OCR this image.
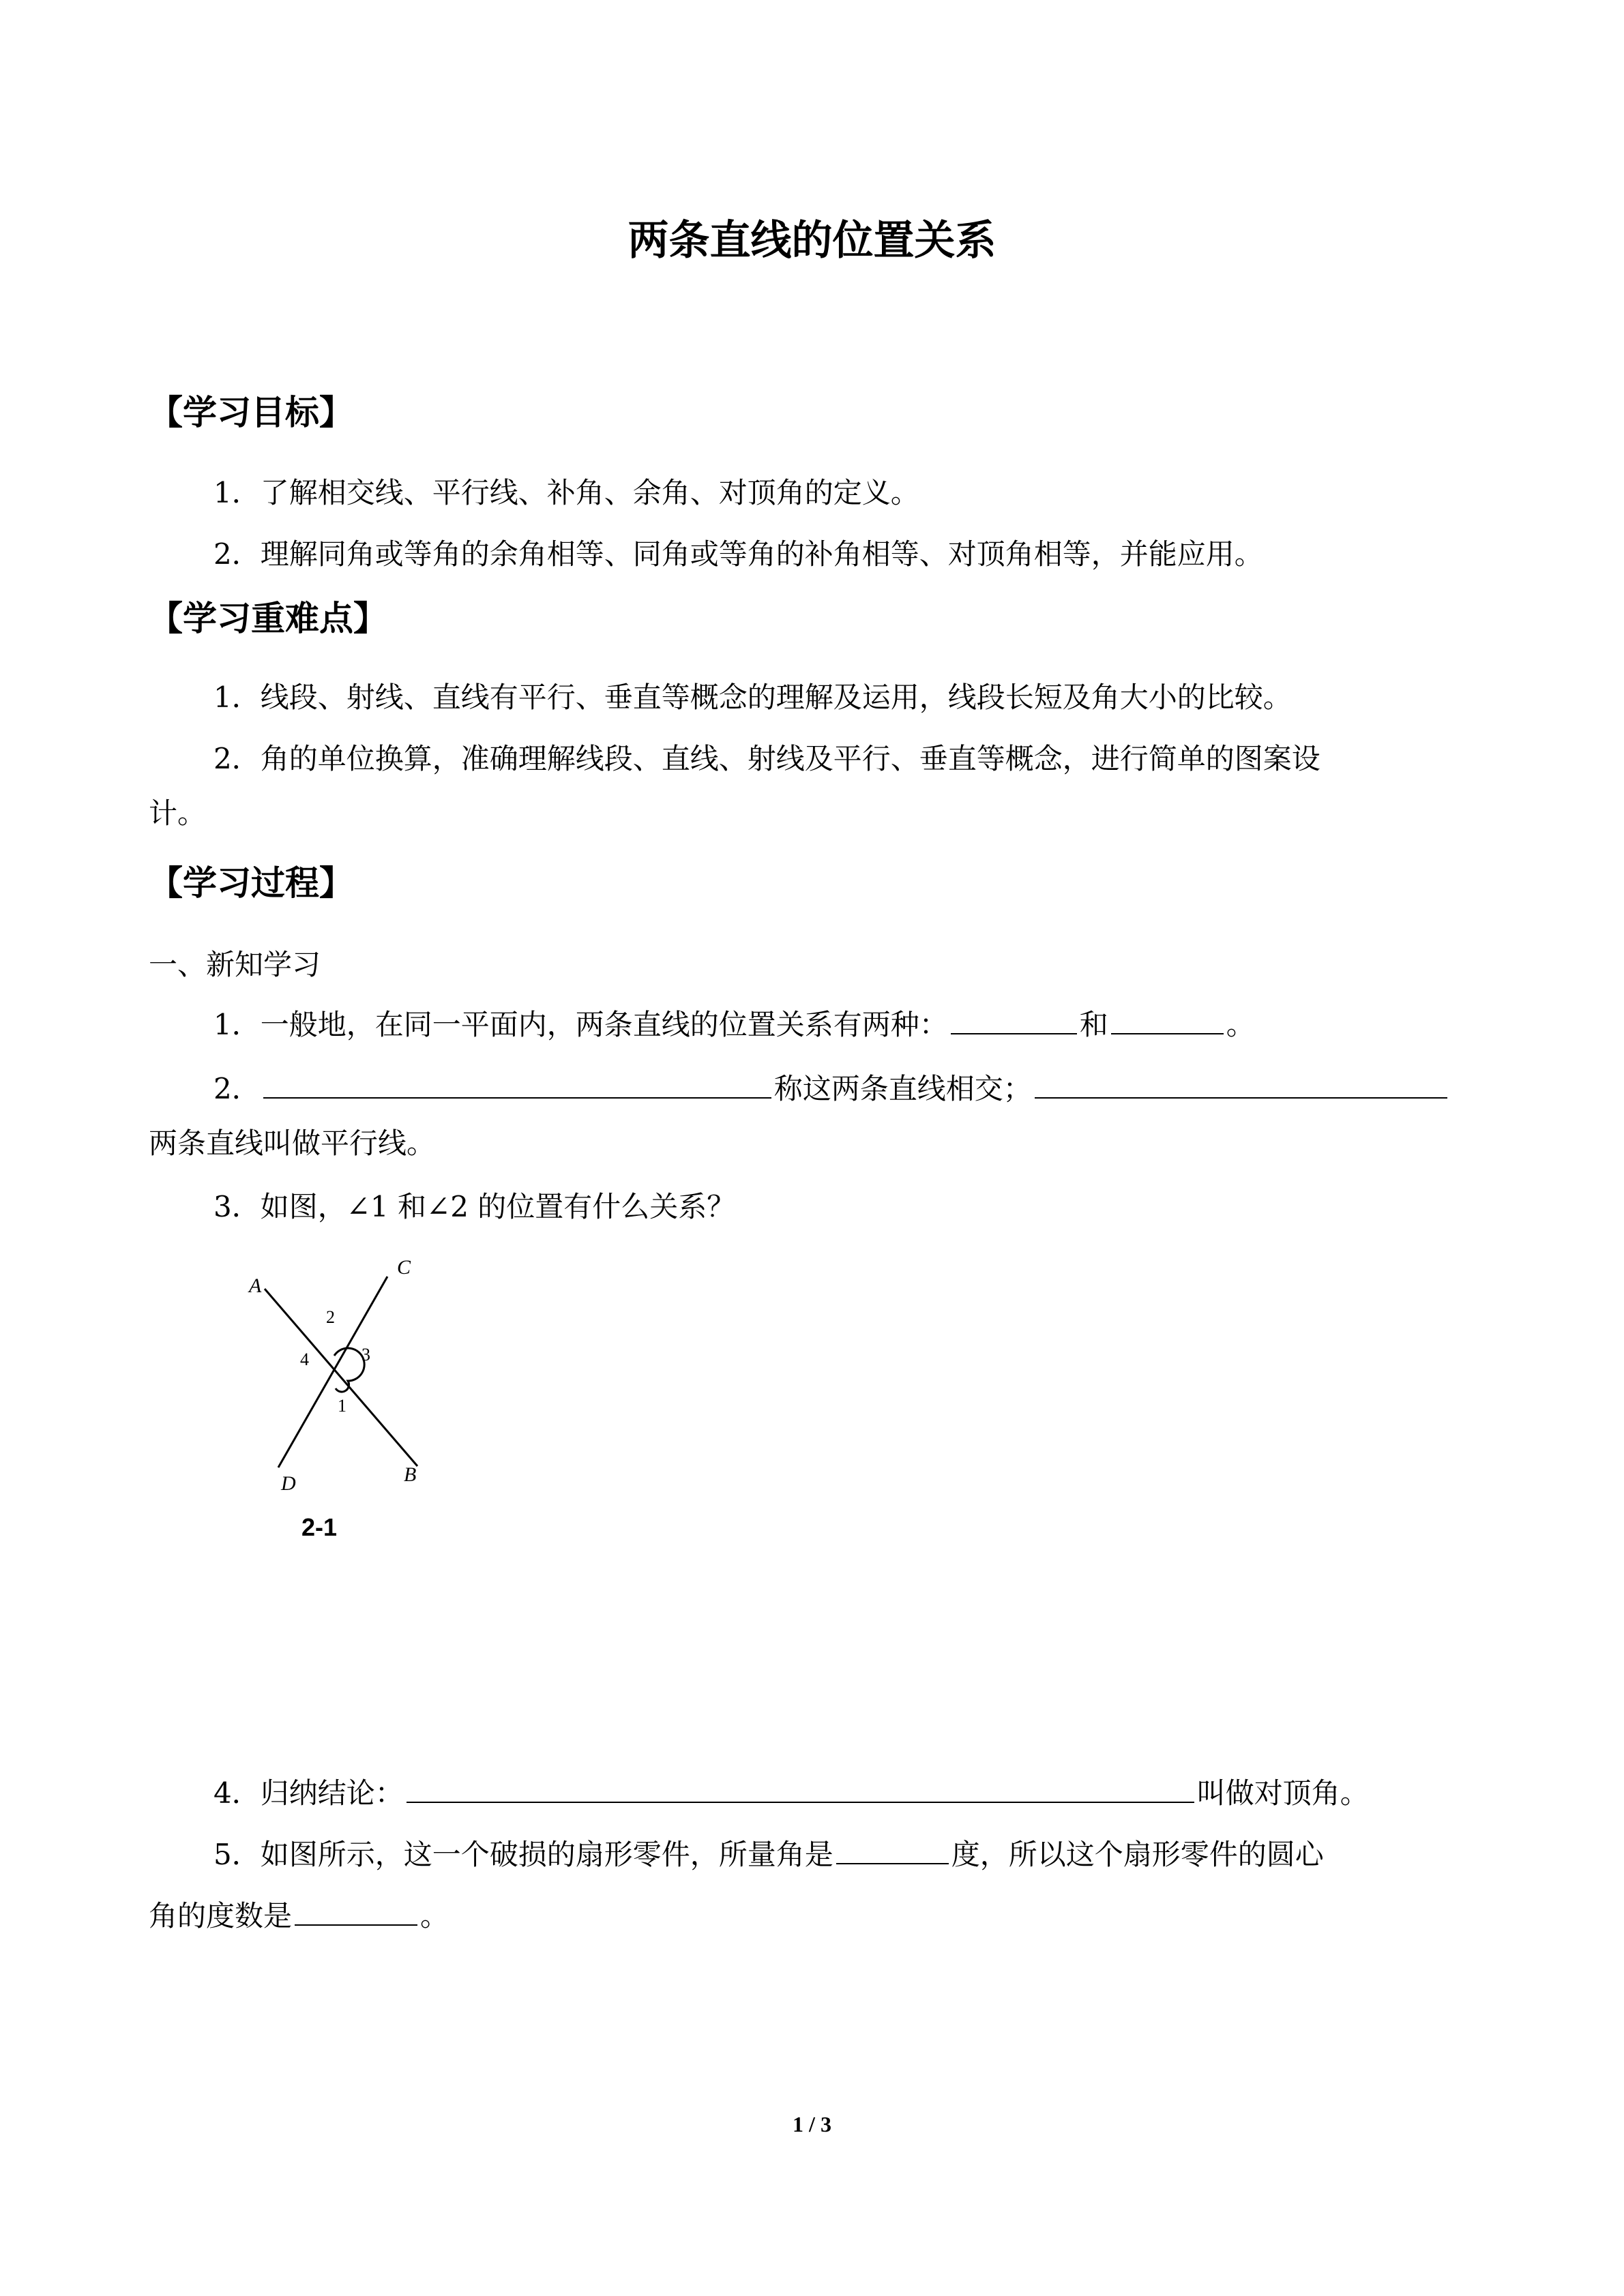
两条直线的位置关系
【学习目标】
1．了解相交线、平行线、补角、余角、对顶角的定义。
2．理解同角或等角的余角相等、同角或等角的补角相等、对顶角相等，并能应用。
【学习重难点】
1．线段、射线、直线有平行、垂直等概念的理解及运用，线段长短及角大小的比较。
2．角的单位换算，准确理解线段、直线、射线及平行、垂直等概念，进行简单的图案设
计。
【学习过程】
一、新知学习
1．一般地，在同一平面内，两条直线的位置关系有两种：	和	。
2．	称这两条直线相交；
两条直线叫做平行线。
3．如图，∠1 和∠2 的位置有什么关系？
A
C
D	B
2
4	3
1
2-1
4．归纳结论：	叫做对顶角。
5．如图所示，这一个破损的扇形零件，所量角是	度，所以这个扇形零件的圆心
角的度数是	。
1 / 3
